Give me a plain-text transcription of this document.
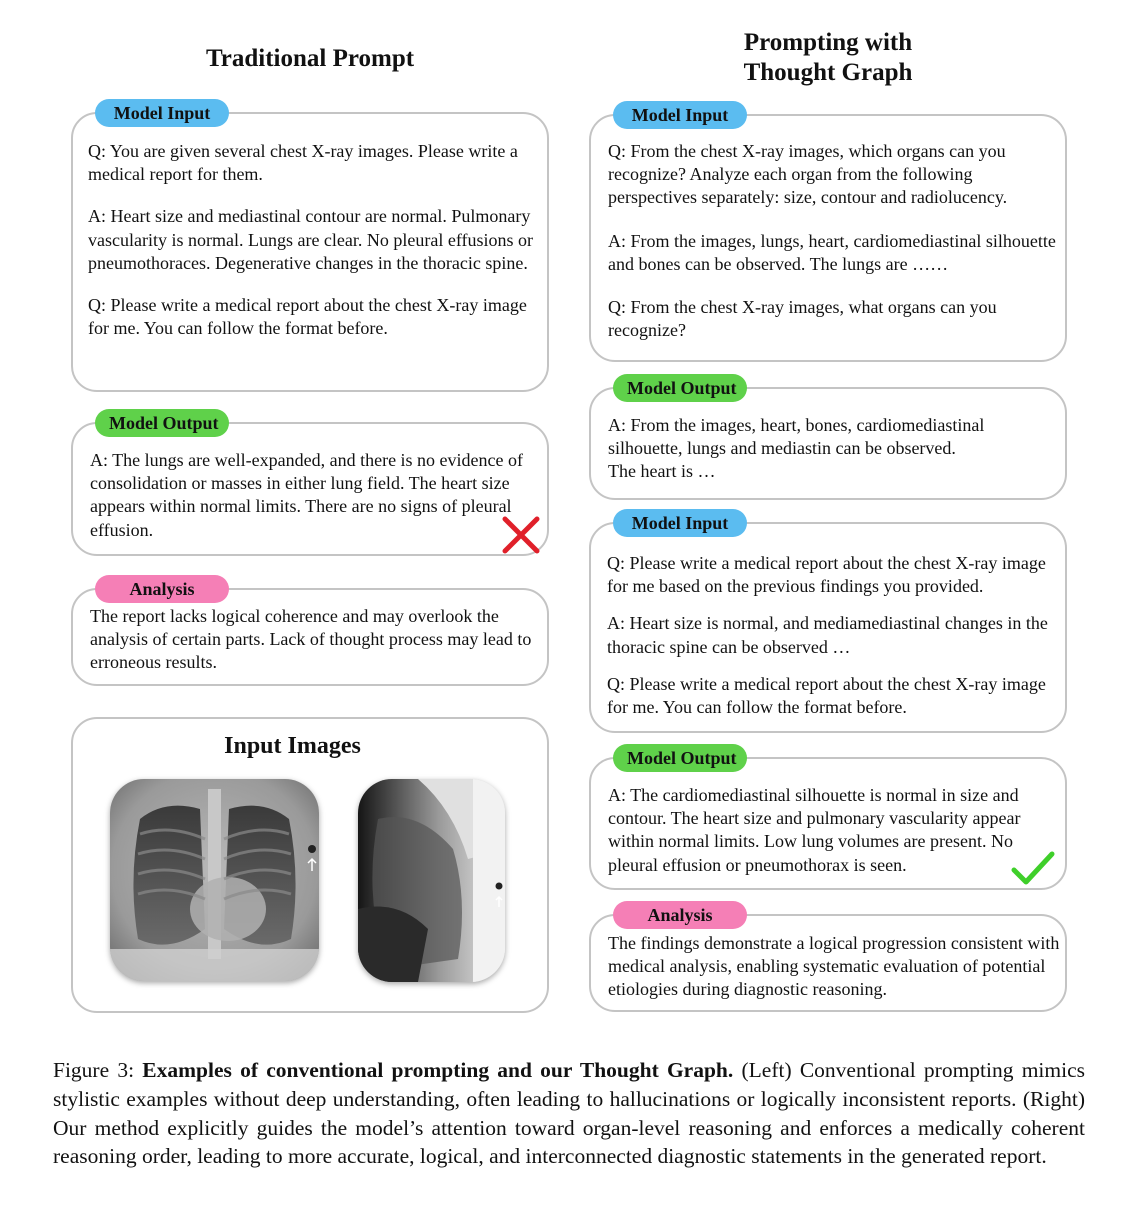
Traditional Prompt
Model Input

Q: You are given several chest X-ray images. Please write a medical report for them.

A: Heart size and mediastinal contour are normal. Pulmonary vascularity is normal. Lungs are clear. No pleural effusions or pneumothoraces. Degenerative changes in the thoracic spine.

Q: Please write a medical report about the chest X-ray image for me. You can follow the format before.

Model Output
A: The lungs are well-expanded, and there is no evidence of consolidation or masses in either lung field. The heart size appears within normal limits. There are no signs of pleural effusion.
Analysis
The report lacks logical coherence and may overlook the analysis of certain parts. Lack of thought process may lead to erroneous results.
Input Images
Prompting with
Thought Graph
Model Input

Q: From the chest X-ray images, which organs can you recognize? Analyze each organ from the following perspectives separately: size, contour and radiolucency.

A: From the images, lungs, heart, cardiomediastinal silhouette and bones can be observed. The lungs are ……

Q: From the chest X-ray images, what organs can you recognize?

Model Output

A: From the images, heart, bones, cardiomediastinal silhouette, lungs and mediastin can be observed.

The heart is …

Model Input

Q: Please write a medical report about the chest X-ray image for me based on the previous findings you provided.

A: Heart size is normal, and mediamediastinal changes in the thoracic spine can be observed …

Q: Please write a medical report about the chest X-ray image for me. You can follow the format before.

Model Output
A: The cardiomediastinal silhouette is normal in size and contour. The heart size and pulmonary vascularity appear within normal limits. Low lung volumes are present. No pleural effusion or pneumothorax is seen.
Analysis
The findings demonstrate a logical progression consistent with medical analysis, enabling systematic evaluation of potential etiologies during diagnostic reasoning.
Figure 3: Examples of conventional prompting and our Thought Graph. (Left) Conventional prompting mimics stylistic examples without deep understanding, often leading to hallucinations or logically inconsistent reports. (Right) Our method explicitly guides the model’s attention toward organ-level reasoning and enforces a medically coherent reasoning order, leading to more accurate, logical, and interconnected diagnostic statements in the generated report.
